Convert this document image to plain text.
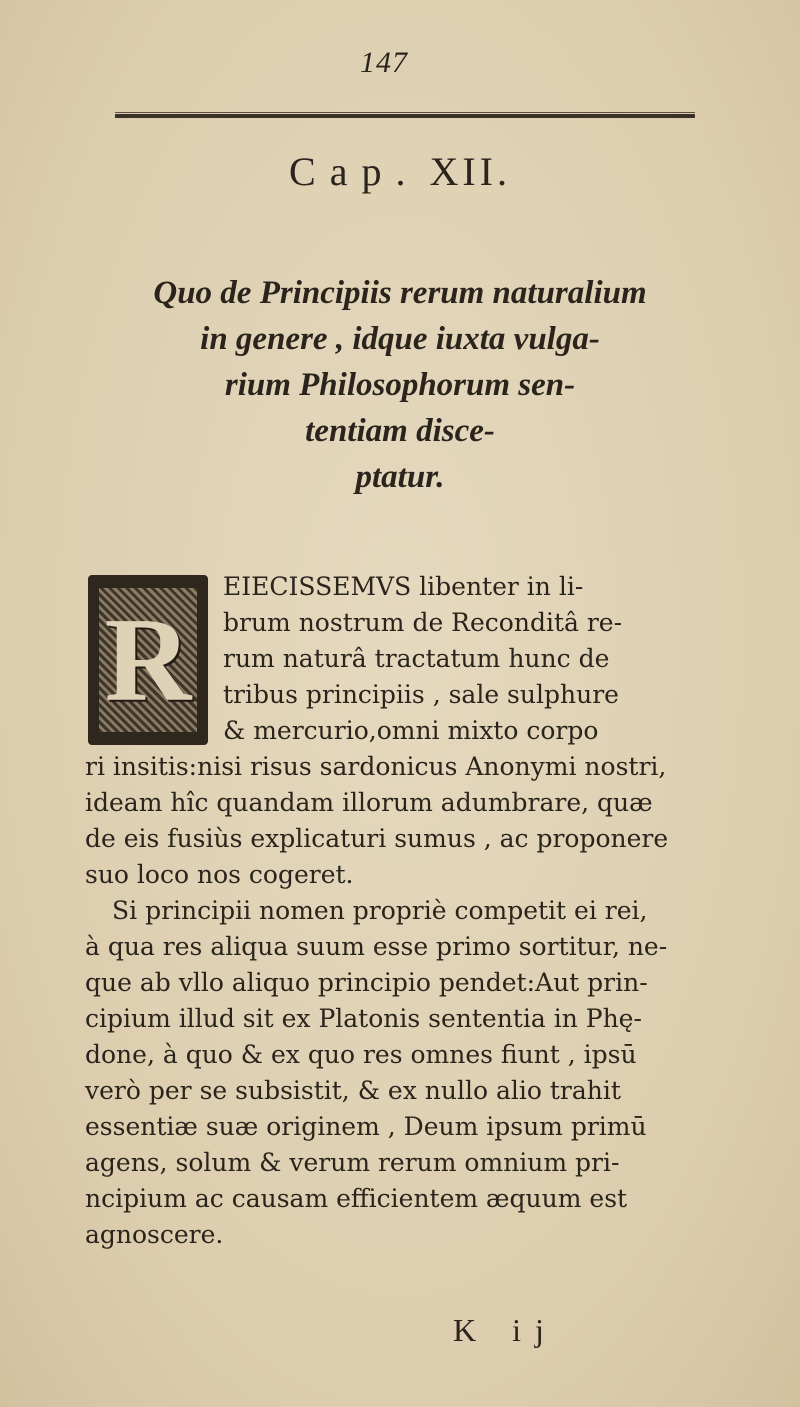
147
Cap. XII.
Quo de Principiis rerum naturalium
in genere , idque iuxta vulga-
rium Philosophorum sen-
tentiam disce-
ptatur.
R
EIECISSEMVS libenter in li-
brum nostrum de Reconditâ re-
rum naturâ tractatum hunc de
tribus principiis , sale sulphure
& mercurio,omni mixto corpo
ri insitis:nisi risus sardonicus Anonymi nostri,
ideam hîc quandam illorum adumbrare, quæ
de eis fusiùs explicaturi sumus , ac proponere
suo loco nos cogeret.
Si principii nomen propriè competit ei rei,
à qua res aliqua suum esse primo sortitur, ne-
que ab vllo aliquo principio pendet:Aut prin-
cipium illud sit ex Platonis sententia in Phę-
done, à quo & ex quo res omnes fiunt , ipsū
verò per se subsistit, & ex nullo alio trahit
essentiæ suæ originem , Deum ipsum primū
agens, solum & verum rerum omnium pri-
ncipium ac causam efficientem æquum est
agnoscere.
K ij
